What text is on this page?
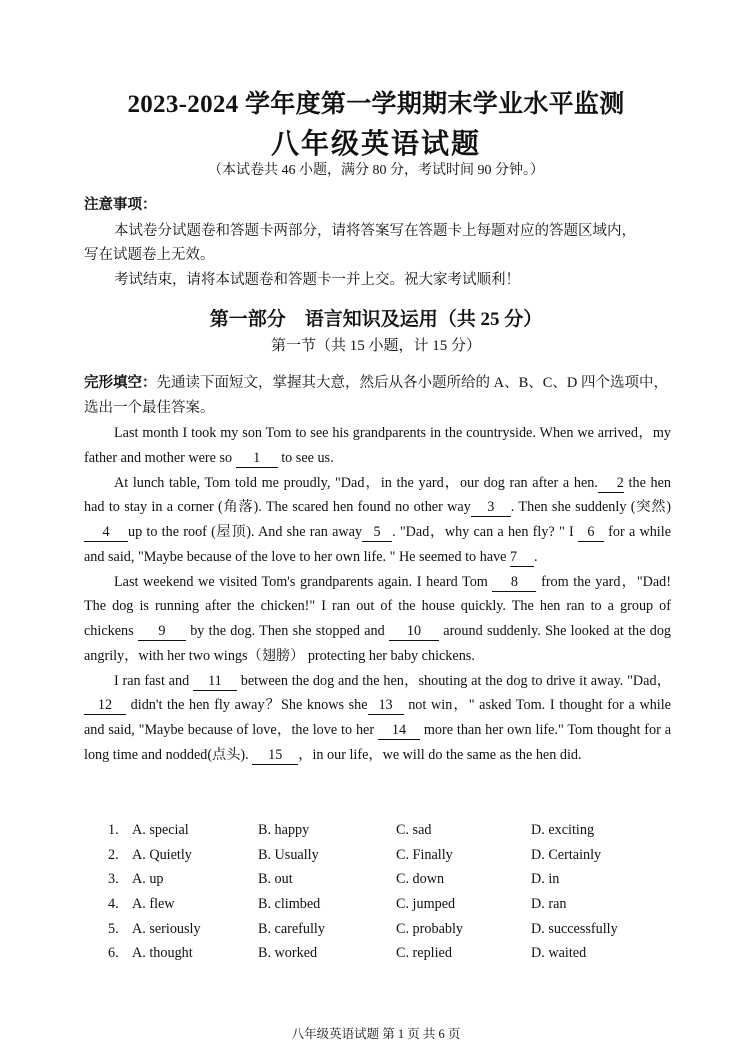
2023-2024 学年度第一学期期末学业水平监测
八年级英语试题
（本试卷共 46 小题，满分 80 分，考试时间 90 分钟。）
注意事项：
本试卷分试题卷和答题卡两部分，请将答案写在答题卡上每题对应的答题区域内，
写在试题卷上无效。
考试结束，请将本试题卷和答题卡一并上交。祝大家考试顺利！
第一部分　语言知识及运用（共 25 分）
第一节（共 15 小题，计 15 分）
完形填空：先通读下面短文，掌握其大意，然后从各小题所给的 A、B、C、D 四个选项中，选出一个最佳答案。

Last month I took my son Tom to see his grandparents in the countryside. When we arrived，my father and mother were so 1 to see us.

At lunch table, Tom told me proudly, "Dad，in the yard，our dog ran after a hen. 2 the hen had to stay in a corner (角落). The scared hen found no other way 3 . Then she suddenly (突然)4 up to the roof (屋顶). And she ran away 5 . "Dad，why can a hen fly? " I 6 for a while and said, "Maybe because of the love to her own life. " He seemed to have 7 .

Last weekend we visited Tom's grandparents again. I heard Tom 8 from the yard，"Dad! The dog is running after the chicken!" I ran out of the house quickly. The hen ran to a group of chickens 9 by the dog. Then she stopped and 10 around suddenly. She looked at the dog angrily，with her two wings（翅膀） protecting her baby chickens.

I ran fast and 11 between the dog and the hen，shouting at the dog to drive it away. "Dad，12 didn't the hen fly away？She knows she 13 not win，" asked Tom. I thought for a while and said, "Maybe because of love，the love to her 14 more than her own life." Tom thought for a long time and nodded(点头). 15 ，in our life，we will do the same as the hen did.

1. A. special	B. happy	C. sad	D. exciting
2. A. Quietly	B. Usually	C. Finally	D. Certainly
3. A. up	B. out	C. down	D. in
4. A. flew	B. climbed	C. jumped	D. ran
5. A. seriously	B. carefully	C. probably	D. successfully
6. A. thought	B. worked	C. replied	D. waited
八年级英语试题 第 1 页 共 6 页
